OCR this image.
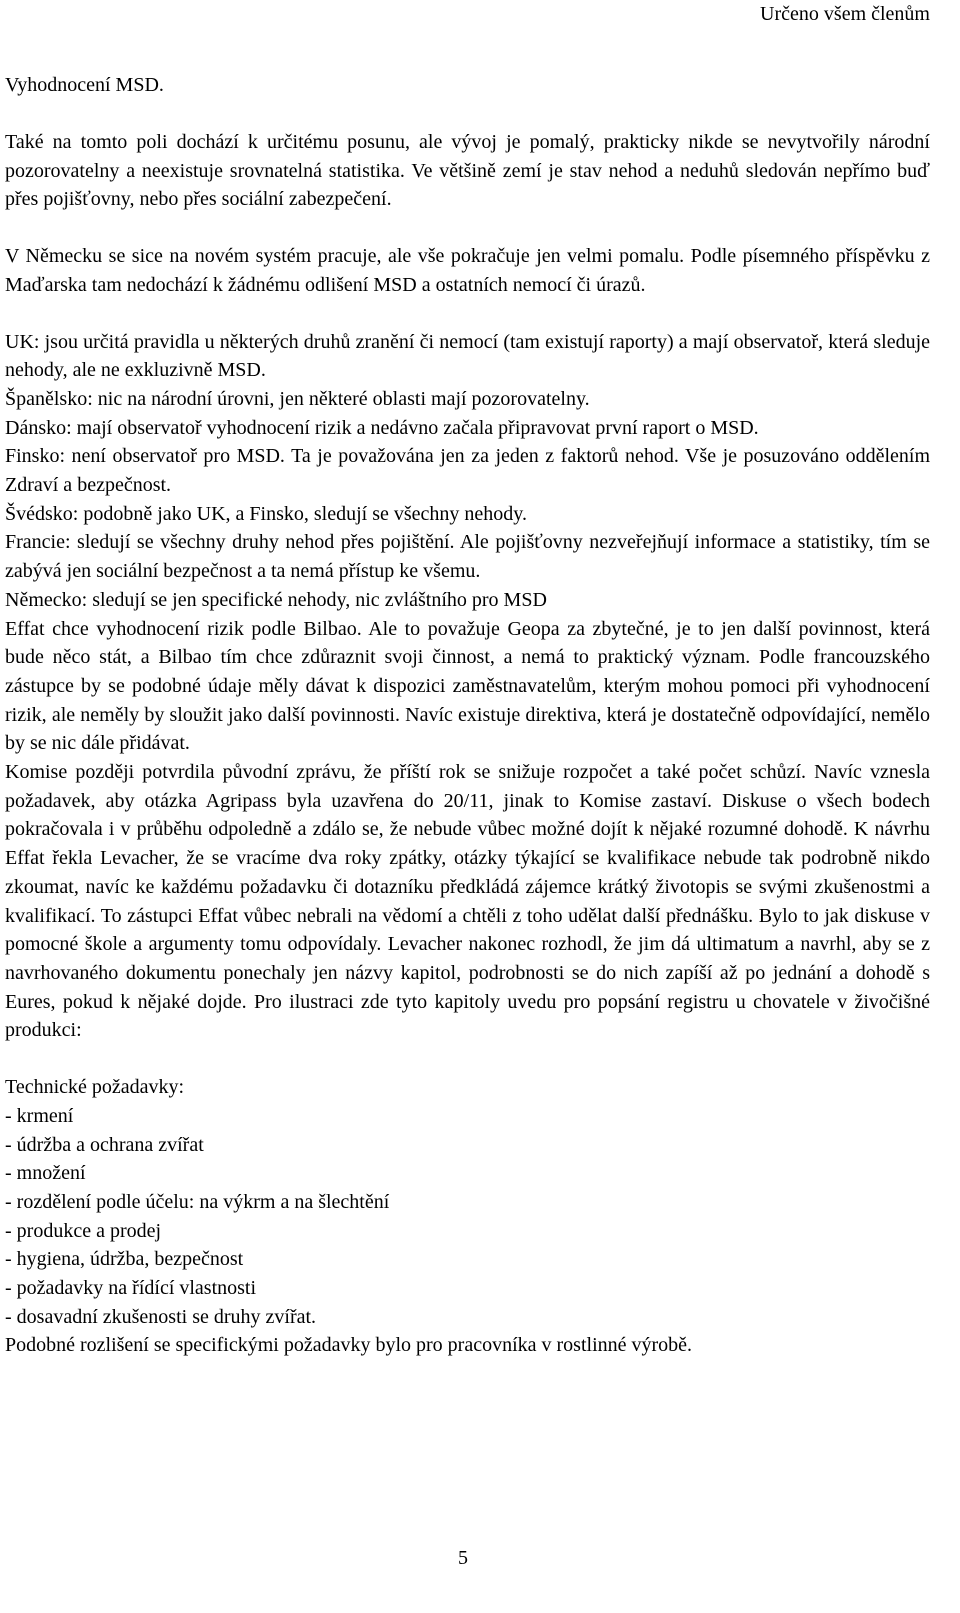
Určeno všem členům
Vyhodnocení MSD.

Také na tomto poli dochází k určitému posunu, ale vývoj je pomalý, prakticky nikde se nevytvořily národní pozorovatelny a neexistuje srovnatelná statistika. Ve většině zemí je stav nehod a neduhů sledován nepřímo buď přes pojišťovny, nebo přes sociální zabezpečení.

V Německu se sice na novém systém pracuje, ale vše pokračuje jen velmi pomalu. Podle písemného příspěvku z Maďarska tam nedochází k žádnému odlišení MSD a ostatních nemocí či úrazů.

UK: jsou určitá pravidla u některých druhů zranění či nemocí (tam existují raporty) a mají observatoř, která sleduje nehody, ale ne exkluzivně MSD.
Španělsko: nic na národní úrovni, jen některé oblasti mají pozorovatelny.
Dánsko: mají observatoř vyhodnocení rizik a nedávno začala připravovat první raport o MSD.
Finsko: není observatoř pro MSD. Ta je považována jen za jeden z faktorů nehod. Vše je posuzováno oddělením Zdraví a bezpečnost.
Švédsko: podobně jako UK, a Finsko, sledují se všechny nehody.
Francie: sledují se všechny druhy nehod přes pojištění. Ale pojišťovny nezveřejňují informace a statistiky, tím se zabývá jen sociální bezpečnost a ta nemá přístup ke všemu.
Německo: sledují se jen specifické nehody, nic zvláštního pro MSD
Effat chce vyhodnocení rizik podle Bilbao. Ale to považuje Geopa za zbytečné, je to jen další povinnost, která bude něco stát, a Bilbao tím chce zdůraznit svoji činnost, a nemá to praktický význam. Podle francouzského zástupce by se podobné údaje měly dávat k dispozici zaměstnavatelům, kterým mohou pomoci při vyhodnocení rizik, ale neměly by sloužit jako další povinnosti. Navíc existuje direktiva, která je dostatečně odpovídající, nemělo by se nic dále přidávat.
Komise později potvrdila původní zprávu, že příští rok se snižuje rozpočet a také počet schůzí. Navíc vznesla požadavek, aby otázka Agripass byla uzavřena do 20/11, jinak to Komise zastaví. Diskuse o všech bodech pokračovala i v průběhu odpoledně a zdálo se, že nebude vůbec možné dojít k nějaké rozumné dohodě. K návrhu Effat řekla Levacher, že se vracíme dva roky zpátky, otázky týkající se kvalifikace nebude tak podrobně nikdo zkoumat, navíc ke každému požadavku či dotazníku předkládá zájemce krátký životopis se svými zkušenostmi a kvalifikací. To zástupci Effat vůbec nebrali na vědomí a chtěli z toho udělat další přednášku. Bylo to jak diskuse v pomocné škole a argumenty tomu odpovídaly. Levacher nakonec rozhodl, že jim dá ultimatum a navrhl, aby se z navrhovaného dokumentu ponechaly jen názvy kapitol, podrobnosti se do nich zapíší až po jednání a dohodě s Eures, pokud k nějaké dojde. Pro ilustraci zde tyto kapitoly uvedu pro popsání registru u chovatele v živočišné produkci:
Technické požadavky:
- krmení
- údržba a ochrana zvířat
- množení
- rozdělení podle účelu: na výkrm a na šlechtění
- produkce a prodej
- hygiena, údržba, bezpečnost
- požadavky na řídící vlastnosti
- dosavadní zkušenosti se druhy zvířat.
Podobné rozlišení se specifickými požadavky bylo pro pracovníka v rostlinné výrobě.
5
